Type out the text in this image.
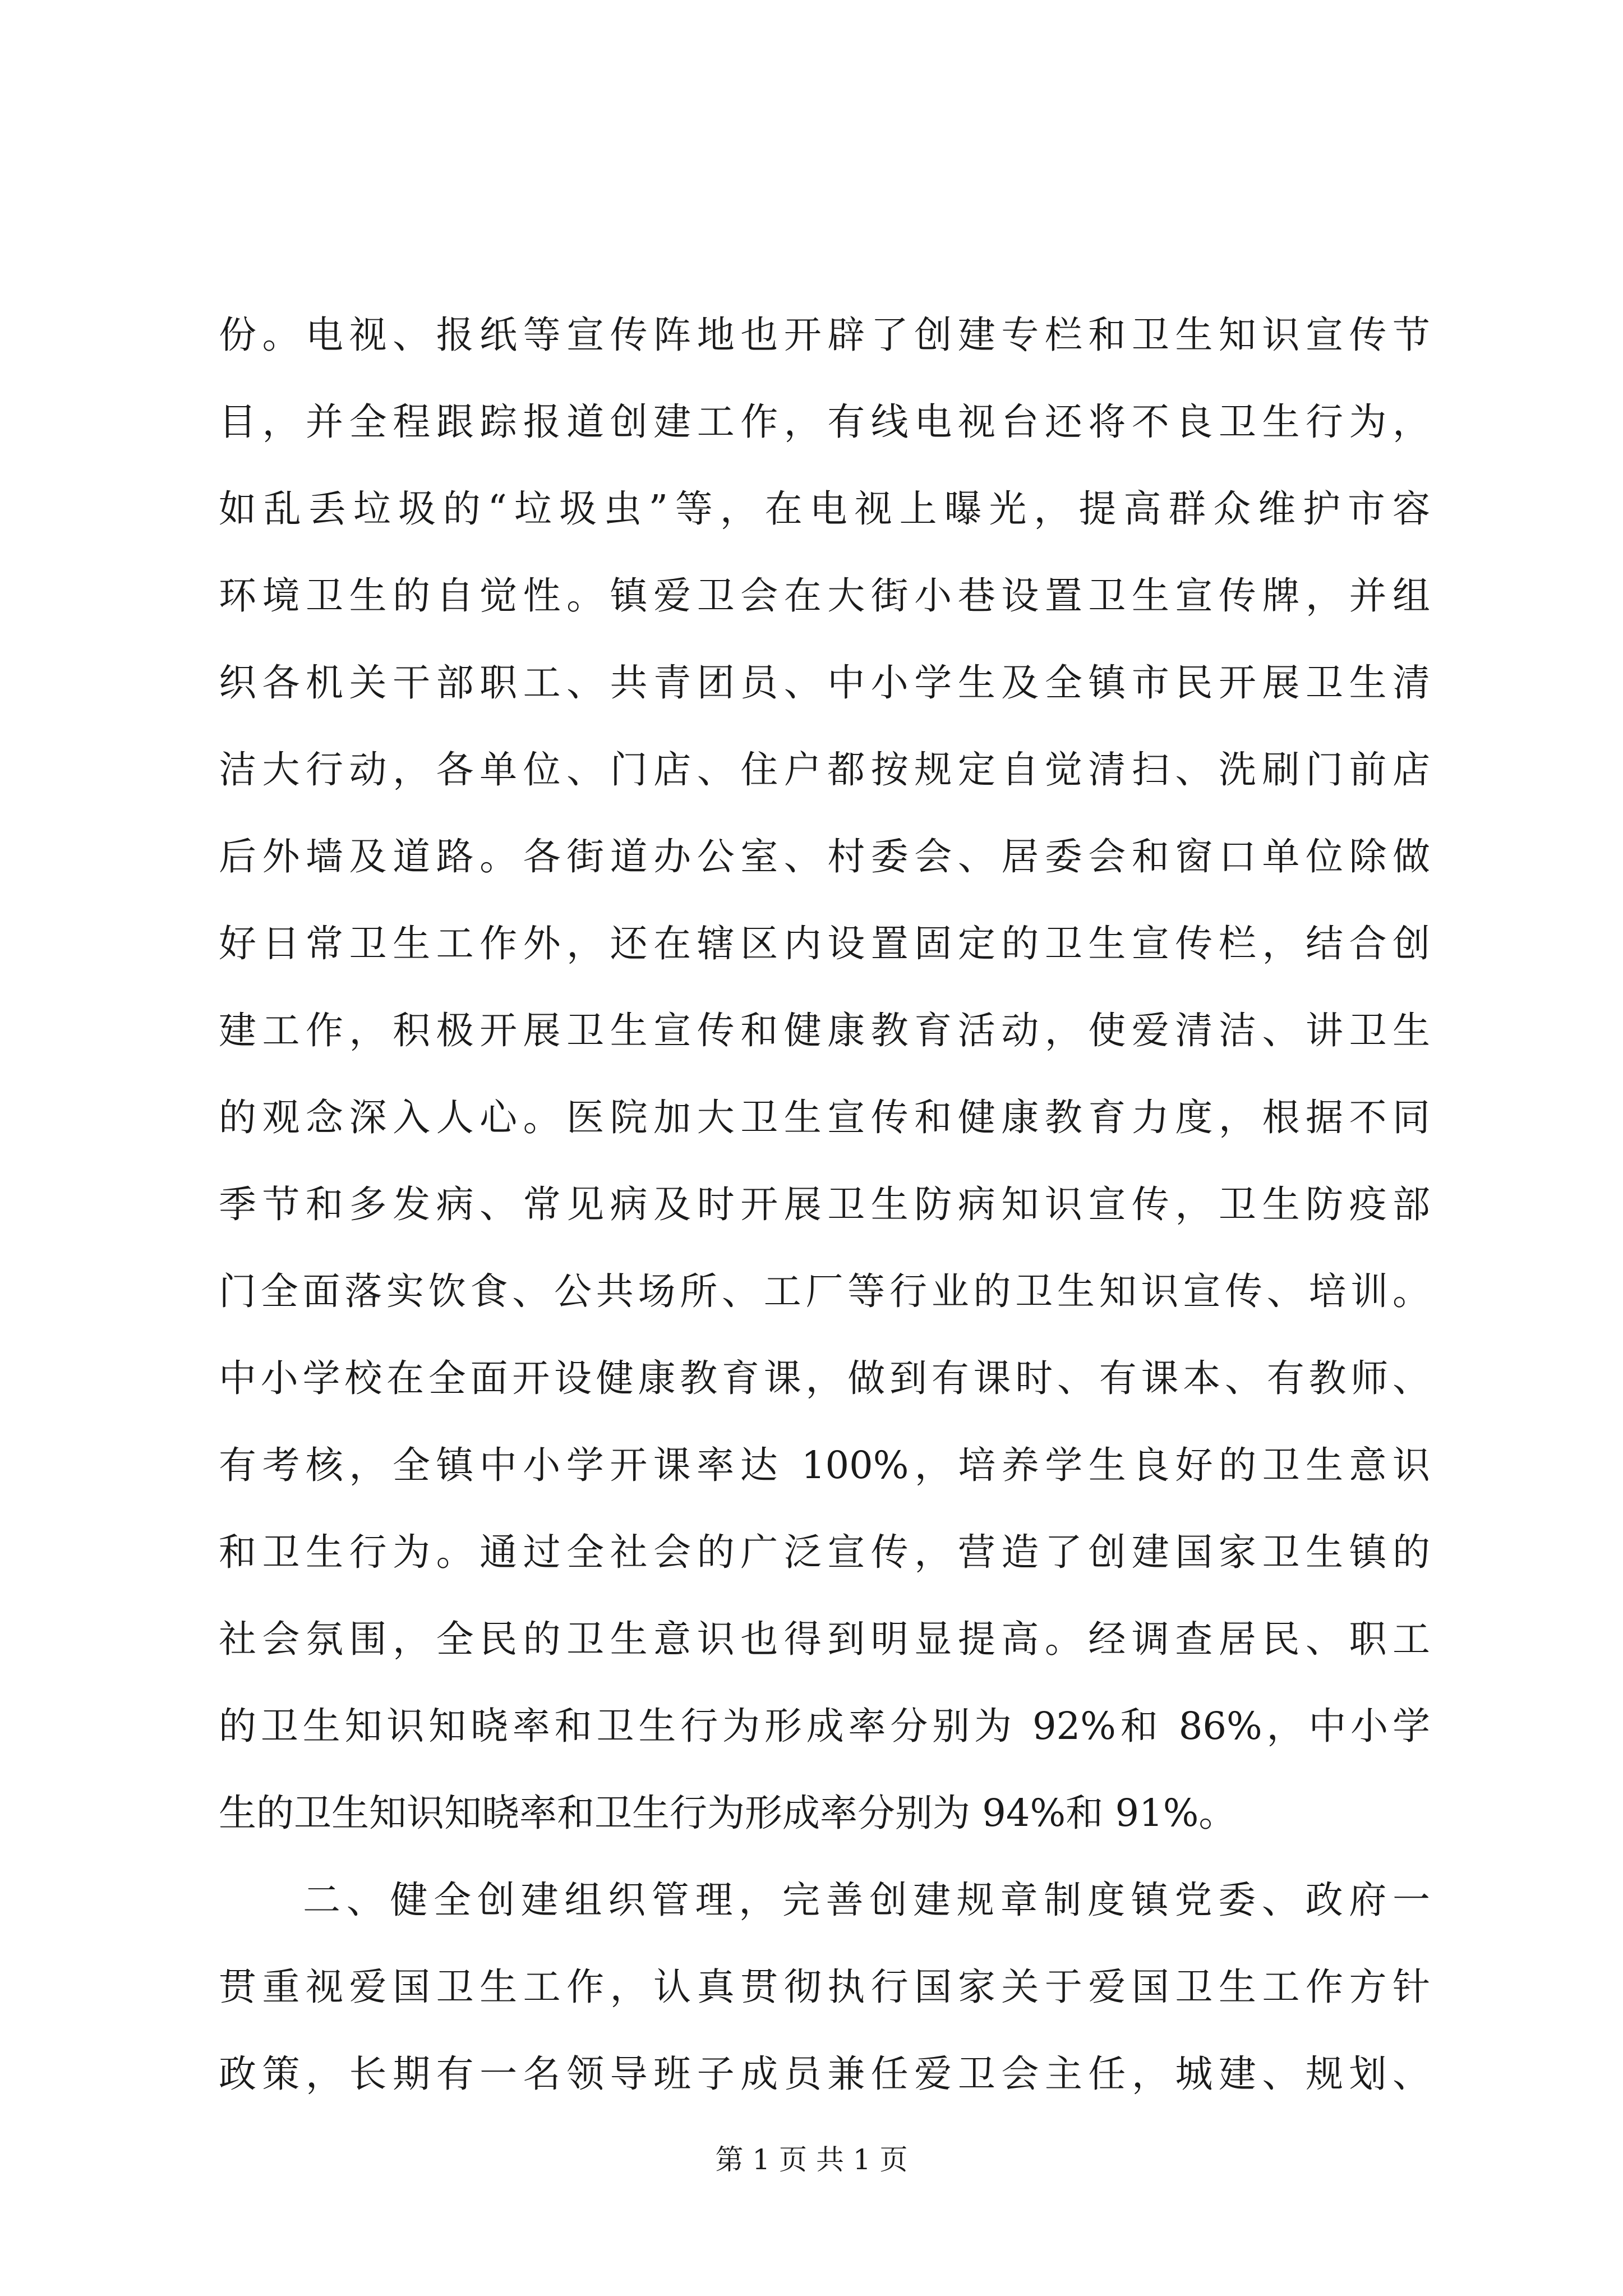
份。电视、报纸等宣传阵地也开辟了创建专栏和卫生知识宣传节
目，并全程跟踪报道创建工作，有线电视台还将不良卫生行为，
如乱丢垃圾的“垃圾虫”等，在电视上曝光，提高群众维护市容
环境卫生的自觉性。镇爱卫会在大街小巷设置卫生宣传牌，并组
织各机关干部职工、共青团员、中小学生及全镇市民开展卫生清
洁大行动，各单位、门店、住户都按规定自觉清扫、洗刷门前店
后外墙及道路。各街道办公室、村委会、居委会和窗口单位除做
好日常卫生工作外，还在辖区内设置固定的卫生宣传栏，结合创
建工作，积极开展卫生宣传和健康教育活动，使爱清洁、讲卫生
的观念深入人心。医院加大卫生宣传和健康教育力度，根据不同
季节和多发病、常见病及时开展卫生防病知识宣传，卫生防疫部
门全面落实饮食、公共场所、工厂等行业的卫生知识宣传、培训。
中小学校在全面开设健康教育课，做到有课时、有课本、有教师、
有考核，全镇中小学开课率达 100%，培养学生良好的卫生意识
和卫生行为。通过全社会的广泛宣传，营造了创建国家卫生镇的
社会氛围，全民的卫生意识也得到明显提高。经调查居民、职工
的卫生知识知晓率和卫生行为形成率分别为 92%和 86%，中小学
生的卫生知识知晓率和卫生行为形成率分别为 94%和 91%。
二、健全创建组织管理，完善创建规章制度镇党委、政府一
贯重视爱国卫生工作，认真贯彻执行国家关于爱国卫生工作方针
政策，长期有一名领导班子成员兼任爱卫会主任，城建、规划、
第 1 页 共 1 页
